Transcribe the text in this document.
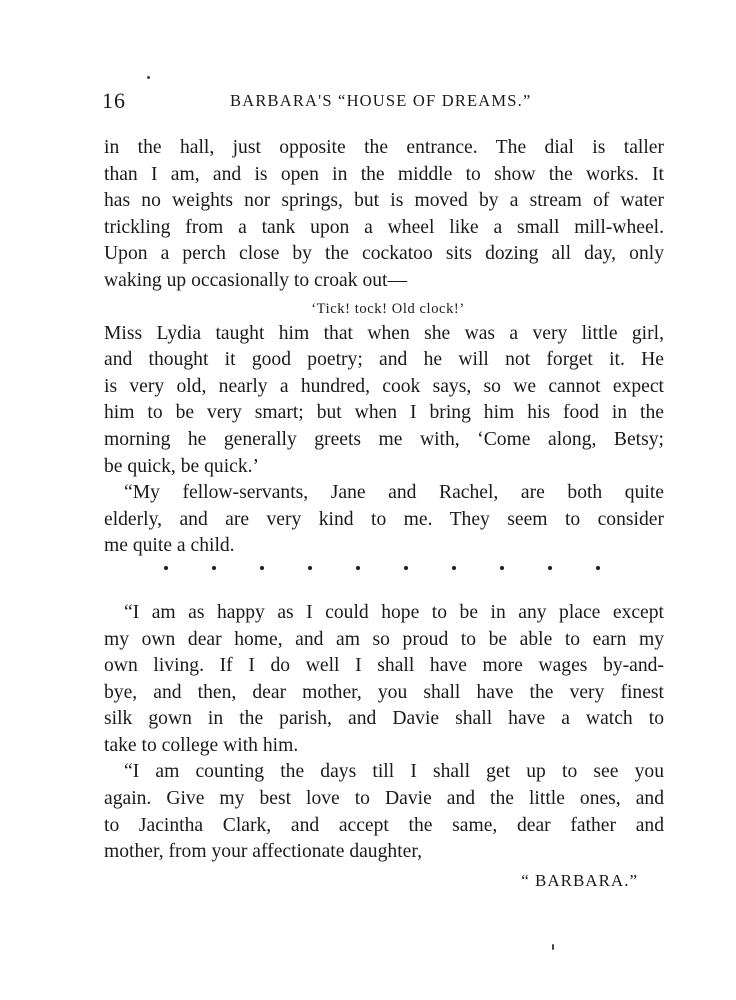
16	BARBARA'S “HOUSE OF DREAMS.”
in the hall, just opposite the entrance. The dial is taller
than I am, and is open in the middle to show the works. It
has no weights nor springs, but is moved by a stream of water
trickling from a tank upon a wheel like a small mill-wheel.
Upon a perch close by the cockatoo sits dozing all day, only
waking up occasionally to croak out—
‘Tick! tock! Old clock!’
Miss Lydia taught him that when she was a very little girl,
and thought it good poetry; and he will not forget it. He
is very old, nearly a hundred, cook says, so we cannot expect
him to be very smart; but when I bring him his food in the
morning he generally greets me with, ‘Come along, Betsy;
be quick, be quick.’
“My fellow-servants, Jane and Rachel, are both quite
elderly, and are very kind to me. They seem to consider
me quite a child.
“I am as happy as I could hope to be in any place except
my own dear home, and am so proud to be able to earn my
own living. If I do well I shall have more wages by-and-
bye, and then, dear mother, you shall have the very finest
silk gown in the parish, and Davie shall have a watch to
take to college with him.
“I am counting the days till I shall get up to see you
again. Give my best love to Davie and the little ones, and
to Jacintha Clark, and accept the same, dear father and
mother, from your affectionate daughter,
“ BARBARA.”
